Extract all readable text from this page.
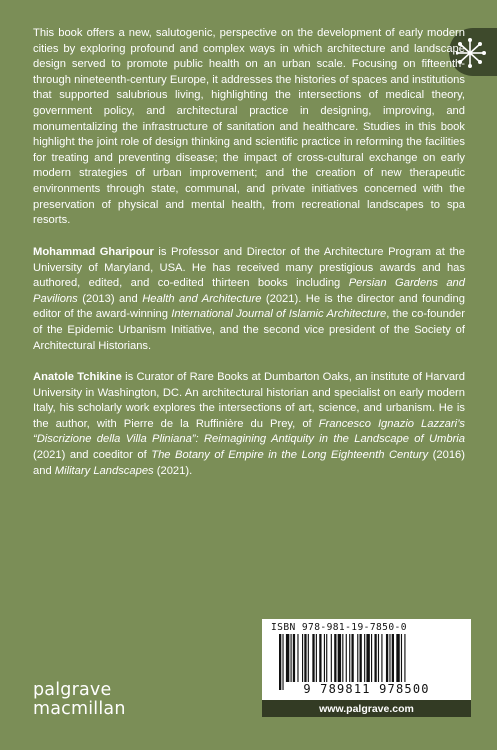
This book offers a new, salutogenic, perspective on the development of early modern cities by exploring profound and complex ways in which architecture and landscape design served to promote public health on an urban scale. Focusing on fifteenth- through nineteenth-century Europe, it addresses the histories of spaces and institutions that supported salubrious living, highlighting the intersections of medical theory, government policy, and architectural practice in designing, improving, and monumentalizing the infrastructure of sanitation and healthcare. Studies in this book highlight the joint role of design thinking and scientific practice in reforming the facilities for treating and preventing disease; the impact of cross-cultural exchange on early modern strategies of urban improvement; and the creation of new therapeutic environments through state, communal, and private initiatives concerned with the preservation of physical and mental health, from recreational landscapes to spa resorts.
Mohammad Gharipour is Professor and Director of the Architecture Program at the University of Maryland, USA. He has received many prestigious awards and has authored, edited, and co-edited thirteen books including Persian Gardens and Pavilions (2013) and Health and Architecture (2021). He is the director and founding editor of the award-winning International Journal of Islamic Architecture, the co-founder of the Epidemic Urbanism Initiative, and the second vice president of the Society of Architectural Historians.
Anatole Tchikine is Curator of Rare Books at Dumbarton Oaks, an institute of Harvard University in Washington, DC. An architectural historian and specialist on early modern Italy, his scholarly work explores the intersections of art, science, and urbanism. He is the author, with Pierre de la Ruffinière du Prey, of Francesco Ignazio Lazzari’s “Discrizione della Villa Pliniana”: Reimagining Antiquity in the Landscape of Umbria (2021) and coeditor of The Botany of Empire in the Long Eighteenth Century (2016) and Military Landscapes (2021).
ISBN 978-981-19-7850-0
9 789811 978500
www.palgrave.com
palgrave
macmillan
